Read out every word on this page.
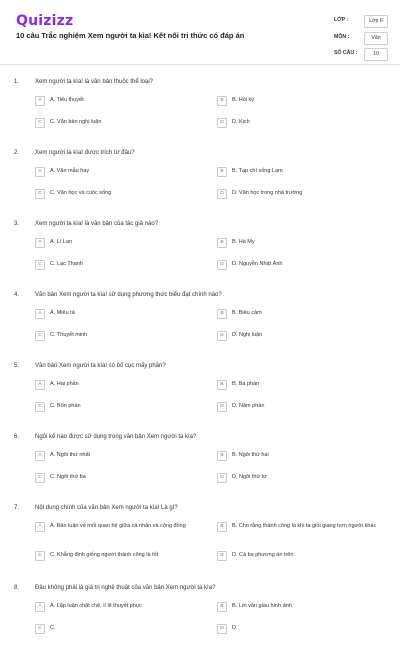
Quizizz
10 câu Trắc nghiệm Xem người ta kìa! Kết nối tri thức có đáp án
LỚP :	Lớp 6
MÔN :	Văn
SỐ CÂU :	10
1.	Xem người ta kìa! là văn bản thuộc thể loại?
A	A. Tiểu thuyết	B	B. Hồi ký
C	C. Văn bản nghị luận	D	D. Kịch
2.	Xem người ta kìa! được trích từ đâu?
A	A. Văn mẫu hay	B	B. Tạp chí sống Lam
C	C. Văn học và cuộc sống	D	D. Văn học trong nhà trường
3.	Xem người ta kìa! là văn bản của tác giả nào?
A	A. Lí Lan	B	B. Hà My
C	C. Lạc Thanh	D	D. Nguyễn Nhật Ánh
4.	Văn bản Xem người ta kìa! sử dụng phương thức biểu đạt chính nào?
A	A. Miêu tả	B	B. Biểu cảm
C	C. Thuyết minh	D	D. Nghị luận
5.	Văn bản Xem người ta kìa! có bố cục mấy phần?
A	A. Hai phần	B	B. Ba phần
C	C. Bốn phần	D	D. Năm phần
6.	Ngôi kể nào được sử dụng trong văn bản Xem người ta kìa?
A	A. Ngôi thứ nhất	B	B. Ngôi thứ hai
C	C. Ngôi thứ ba	D	D. Ngôi thứ tư
7.	Nội dung chính của văn bản Xem người ta kìa! Là gì?
A	A. Bàn luận về mối quan hệ giữa cá nhân và cộng đồng	B	B. Cho rằng thành công là khi ta giỏi giang hơn người khác
C	C. Khẳng định giống người thành công là tốt	D	D. Cả ba phương án trên
8.	Đâu không phải là giá trị nghệ thuật của văn bản Xem người ta kìa?
A	A. Lập luận chặt chẽ, lí lẽ thuyết phục	B	B. Lời văn giàu hình ảnh
C	C.	D	D.
